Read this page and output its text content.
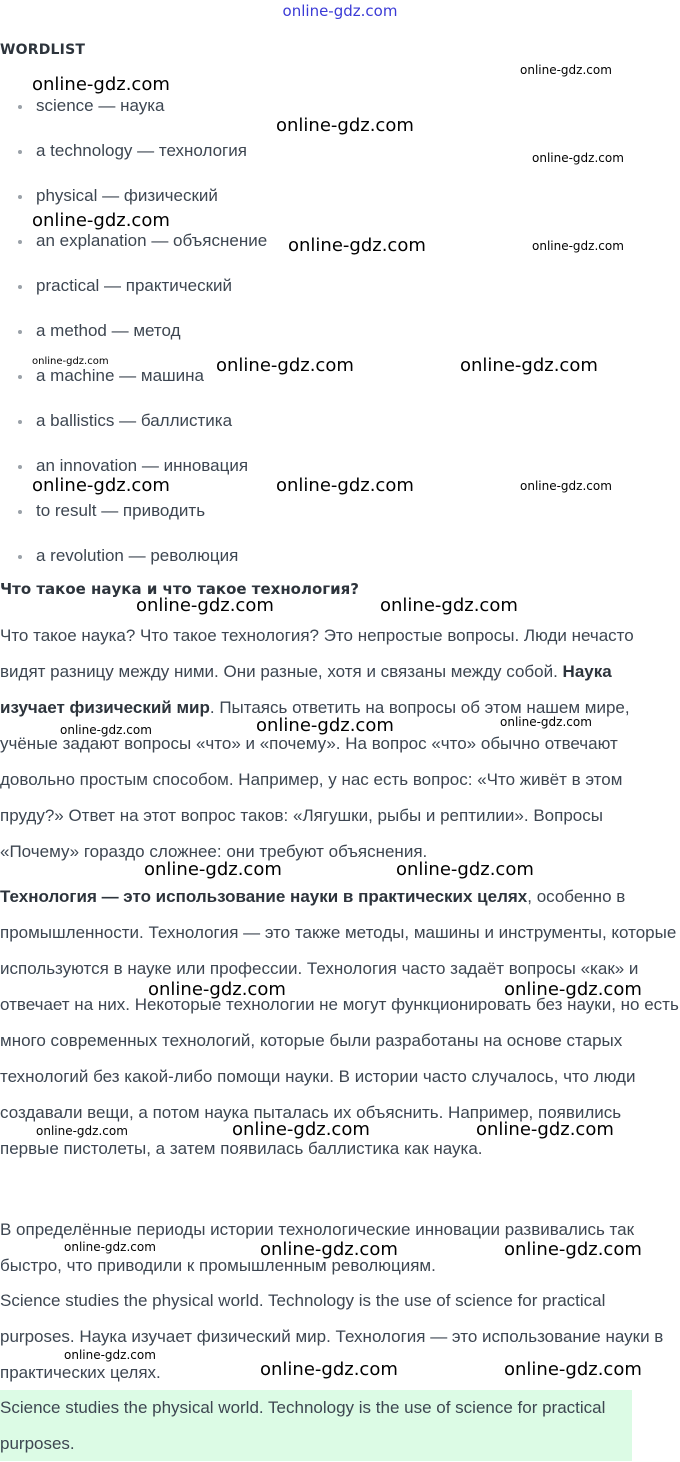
online-gdz.com
WORDLIST
science — наука
a technology — технология
physical — физический
an explanation — объяснение
practical — практический
a method — метод
a machine — машина
a ballistics — баллистика
an innovation — инновация
to result — приводить
a revolution — революция
Что такое наука и что такое технология?

Что такое наука? Что такое технология? Это непростые вопросы. Люди нечасто видят разницу между ними. Они разные, хотя и связаны между собой. Наука изучает физический мир. Пытаясь ответить на вопросы об этом нашем мире, учёные задают вопросы «что» и «почему». На вопрос «что» обычно отвечают довольно простым способом. Например, у нас есть вопрос: «Что живёт в этом пруду?» Ответ на этот вопрос таков: «Лягушки, рыбы и рептилии». Вопросы «Почему» гораздо сложнее: они требуют объяснения.

Технология — это использование науки в практических целях, особенно в промышленности. Технология — это также методы, машины и инструменты, которые используются в науке или профессии. Технология часто задаёт вопросы «как» и отвечает на них. Некоторые технологии не могут функционировать без науки, но есть много современных технологий, которые были разработаны на основе старых технологий без какой-либо помощи науки. В истории часто случалось, что люди создавали вещи, а потом наука пыталась их объяснить. Например, появились первые пистолеты, а затем появилась баллистика как наука.

В определённые периоды истории технологические инновации развивались так быстро, что приводили к промышленным революциям.

Science studies the physical world. Technology is the use of science for practical purposes. Наука изучает физический мир. Технология — это использование науки в практических целях.

Science studies the physical world. Technology is the use of science for practical purposes.
online-gdz.com
online-gdz.com
online-gdz.com
online-gdz.com
online-gdz.com
online-gdz.com	online-gdz.com
online-gdz.com	online-gdz.com	online-gdz.com
online-gdz.com	online-gdz.com	online-gdz.com
online-gdz.com	online-gdz.com
online-gdz.com	online-gdz.com	online-gdz.com
online-gdz.com	online-gdz.com
online-gdz.com	online-gdz.com
online-gdz.com	online-gdz.com	online-gdz.com
online-gdz.com	online-gdz.com	online-gdz.com
online-gdz.com
online-gdz.com	online-gdz.com
